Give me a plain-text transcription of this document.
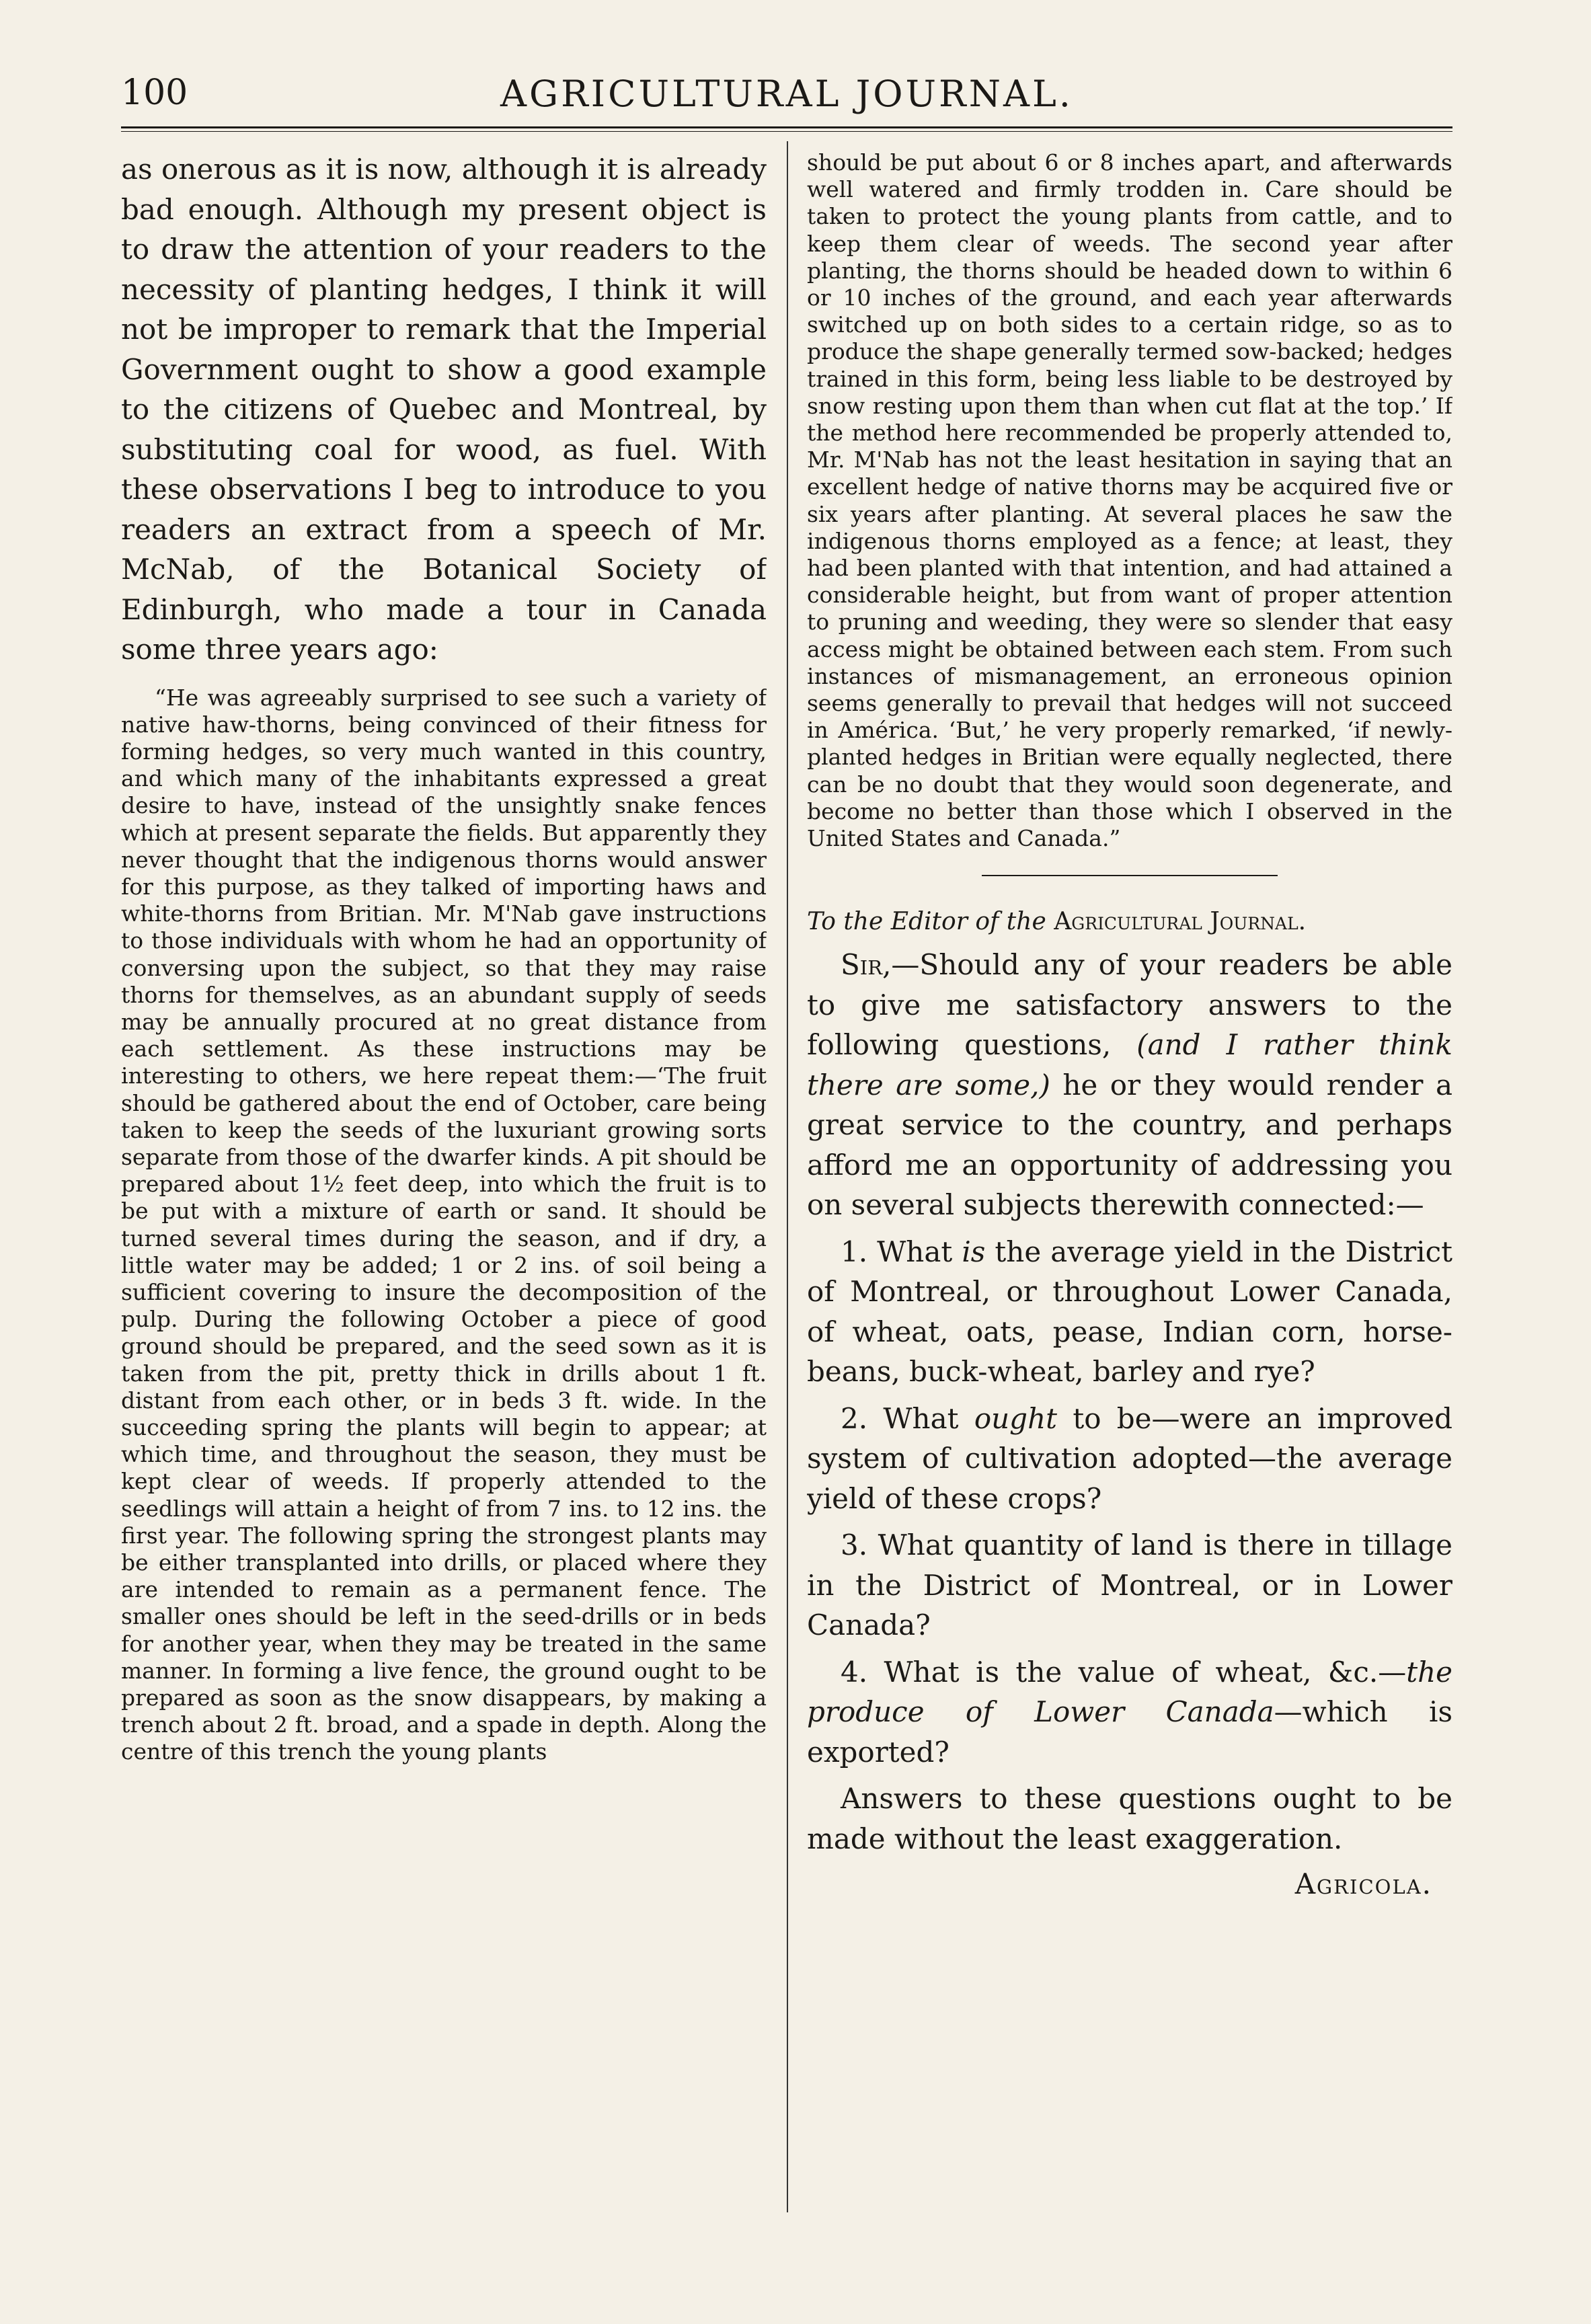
100	AGRICULTURAL JOURNAL.

as onerous as it is now, although it is already bad enough. Although my present object is to draw the attention of your readers to the necessity of planting hedges, I think it will not be improper to remark that the Imperial Government ought to show a good example to the citizens of Quebec and Montreal, by substituting coal for wood, as fuel. With these observations I beg to introduce to you readers an extract from a speech of Mr. McNab, of the Botanical Society of Edinburgh, who made a tour in Canada some three years ago:

“He was agreeably surprised to see such a variety of native haw-thorns, being convinced of their fitness for forming hedges, so very much wanted in this country, and which many of the inhabitants expressed a great desire to have, instead of the unsightly snake fences which at present separate the fields. But apparently they never thought that the indigenous thorns would answer for this purpose, as they talked of importing haws and white-thorns from Britian. Mr. M'Nab gave instructions to those individuals with whom he had an opportunity of conversing upon the subject, so that they may raise thorns for themselves, as an abundant supply of seeds may be annually procured at no great distance from each settlement. As these instructions may be interesting to others, we here repeat them:—‘The fruit should be gathered about the end of October, care being taken to keep the seeds of the luxuriant growing sorts separate from those of the dwarfer kinds. A pit should be prepared about 1½ feet deep, into which the fruit is to be put with a mixture of earth or sand. It should be turned several times during the season, and if dry, a little water may be added; 1 or 2 ins. of soil being a sufficient covering to insure the decomposition of the pulp. During the following October a piece of good ground should be prepared, and the seed sown as it is taken from the pit, pretty thick in drills about 1 ft. distant from each other, or in beds 3 ft. wide. In the succeeding spring the plants will begin to appear; at which time, and throughout the season, they must be kept clear of weeds. If properly attended to the seedlings will attain a height of from 7 ins. to 12 ins. the first year. The following spring the strongest plants may be either transplanted into drills, or placed where they are intended to remain as a permanent fence. The smaller ones should be left in the seed-drills or in beds for another year, when they may be treated in the same manner. In forming a live fence, the ground ought to be prepared as soon as the snow disappears, by making a trench about 2 ft. broad, and a spade in depth. Along the centre of this trench the young plants

should be put about 6 or 8 inches apart, and afterwards well watered and firmly trodden in. Care should be taken to protect the young plants from cattle, and to keep them clear of weeds. The second year after planting, the thorns should be headed down to within 6 or 10 inches of the ground, and each year afterwards switched up on both sides to a certain ridge, so as to produce the shape generally termed sow-backed; hedges trained in this form, being less liable to be destroyed by snow resting upon them than when cut flat at the top.’ If the method here recommended be properly attended to, Mr. M'Nab has not the least hesitation in saying that an excellent hedge of native thorns may be acquired five or six years after planting. At several places he saw the indigenous thorns employed as a fence; at least, they had been planted with that intention, and had attained a considerable height, but from want of proper attention to pruning and weeding, they were so slender that easy access might be obtained between each stem. From such instances of mismanagement, an erroneous opinion seems generally to prevail that hedges will not succeed in América. ‘But,’ he very properly remarked, ‘if newly-planted hedges in Britian were equally neglected, there can be no doubt that they would soon degenerate, and become no better than those which I observed in the United States and Canada.”

To the Editor of the Agricultural Journal.

Sir,—Should any of your readers be able to give me satisfactory answers to the following questions, (and I rather think there are some,) he or they would render a great service to the country, and perhaps afford me an opportunity of addressing you on several subjects therewith connected:—

1. What is the average yield in the District of Montreal, or throughout Lower Canada, of wheat, oats, pease, Indian corn, horse-beans, buck-wheat, barley and rye?

2. What ought to be—were an improved system of cultivation adopted—the average yield of these crops?

3. What quantity of land is there in tillage in the District of Montreal, or in Lower Canada?

4. What is the value of wheat, &c.—the produce of Lower Canada—which is exported?

Answers to these questions ought to be made without the least exaggeration.

Agricola.
